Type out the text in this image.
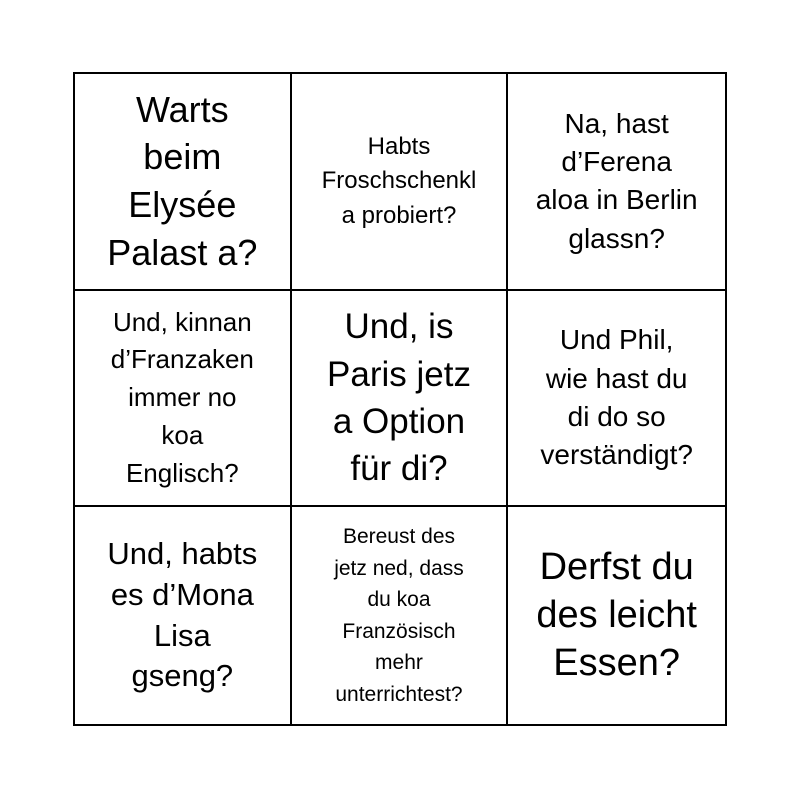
Warts
beim
Elysée
Palast a?
Habts
Froschschenkl
a probiert?
Na, hast
d’Ferena
aloa in Berlin
glassn?
Und, kinnan
d’Franzaken
immer no
koa
Englisch?
Und, is
Paris jetz
a Option
für di?
Und Phil,
wie hast du
di do so
verständigt?
Und, habts
es d’Mona
Lisa
gseng?
Bereust des
jetz ned, dass
du koa
Französisch
mehr
unterrichtest?
Derfst du
des leicht
Essen?
